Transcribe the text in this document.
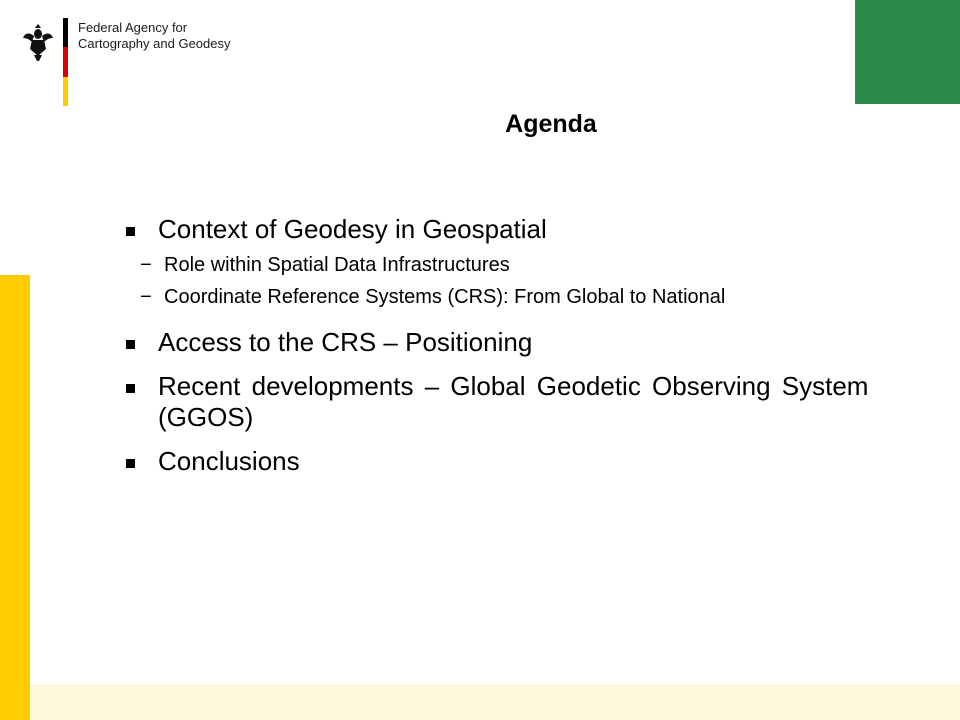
Federal Agency for
Cartography and Geodesy
Agenda
Context of Geodesy in Geospatial
− Role within Spatial Data Infrastructures
− Coordinate Reference Systems (CRS): From Global to National
Access to the CRS – Positioning
Recent developments – Global Geodetic Observing System (GGOS)
Conclusions
